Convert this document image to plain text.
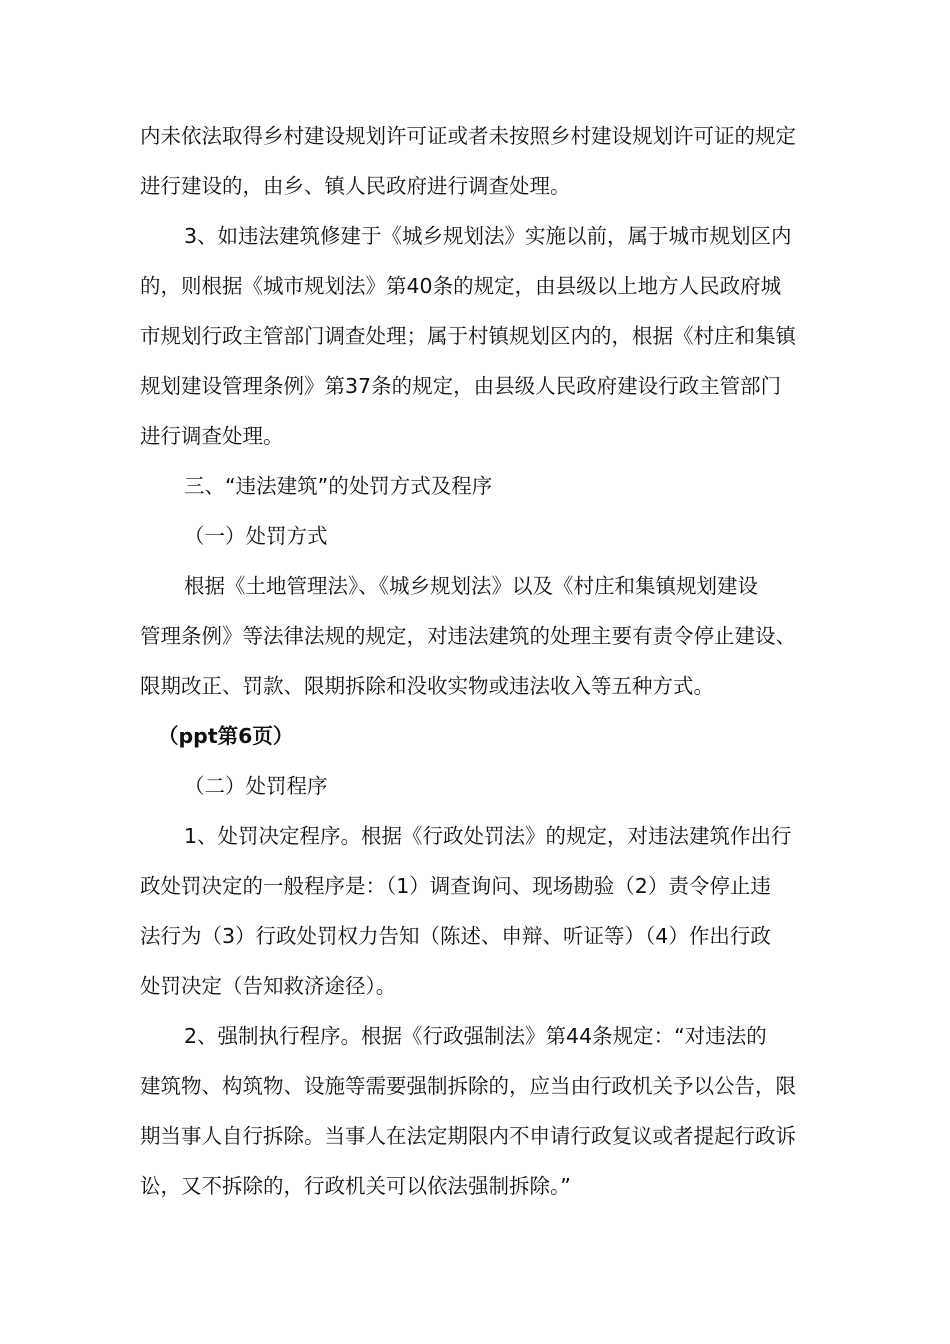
内未依法取得乡村建设规划许可证或者未按照乡村建设规划许可证的规定
进行建设的，由乡、镇人民政府进行调查处理。
3、如违法建筑修建于《城乡规划法》实施以前，属于城市规划区内
的，则根据《城市规划法》第40条的规定，由县级以上地方人民政府城
市规划行政主管部门调查处理；属于村镇规划区内的，根据《村庄和集镇
规划建设管理条例》第37条的规定，由县级人民政府建设行政主管部门
进行调查处理。
三、“违法建筑”的处罚方式及程序
（一）处罚方式
根据《土地管理法》、《城乡规划法》以及《村庄和集镇规划建设
管理条例》等法律法规的规定，对违法建筑的处理主要有责令停止建设、
限期改正、罚款、限期拆除和没收实物或违法收入等五种方式。
（ppt第6页）
（二）处罚程序
1、处罚决定程序。根据《行政处罚法》的规定，对违法建筑作出行
政处罚决定的一般程序是：（1）调查询问、现场勘验（2）责令停止违
法行为（3）行政处罚权力告知（陈述、申辩、听证等）（4）作出行政
处罚决定（告知救济途径）。
2、强制执行程序。根据《行政强制法》第44条规定：“对违法的
建筑物、构筑物、设施等需要强制拆除的，应当由行政机关予以公告，限
期当事人自行拆除。当事人在法定期限内不申请行政复议或者提起行政诉
讼，又不拆除的，行政机关可以依法强制拆除。”
